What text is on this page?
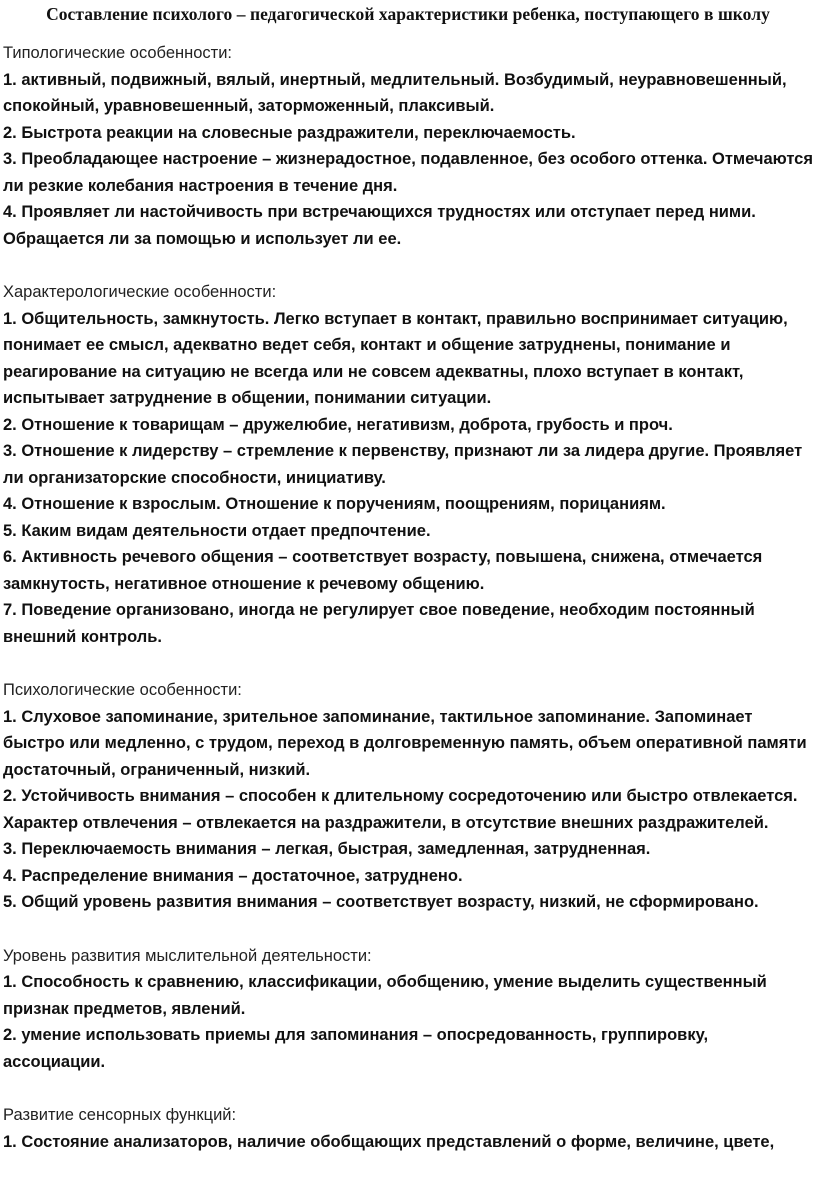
Составление психолого – педагогической характеристики ребенка, поступающего в школу

Типологические особенности:

1. активный, подвижный, вялый, инертный, медлительный. Возбудимый, неуравновешенный, спокойный, уравновешенный, заторможенный, плаксивый.

2. Быстрота реакции на словесные раздражители, переключаемость.

3. Преобладающее настроение – жизнерадостное, подавленное, без особого оттенка. Отмечаются ли резкие колебания настроения в течение дня.

4. Проявляет ли настойчивость при встречающихся трудностях или отступает перед ними. Обращается ли за помощью и использует ли ее.

Характерологические особенности:

1. Общительность, замкнутость. Легко вступает в контакт, правильно воспринимает ситуацию, понимает ее смысл, адекватно ведет себя, контакт и общение затруднены, понимание и реагирование на ситуацию не всегда или не совсем адекватны, плохо вступает в контакт, испытывает затруднение в общении, понимании ситуации.

2. Отношение к товарищам – дружелюбие, негативизм, доброта, грубость и проч.

3. Отношение к лидерству – стремление к первенству, признают ли за лидера другие. Проявляет ли организаторские способности, инициативу.

4. Отношение к взрослым. Отношение к поручениям, поощрениям, порицаниям.

5. Каким видам деятельности отдает предпочтение.

6. Активность речевого общения – соответствует возрасту, повышена, снижена, отмечается замкнутость, негативное отношение к речевому общению.

7. Поведение организовано, иногда не регулирует свое поведение, необходим постоянный внешний контроль.

Психологические особенности:

1. Слуховое запоминание, зрительное запоминание, тактильное запоминание. Запоминает быстро или медленно, с трудом, переход в долговременную память, объем оперативной памяти достаточный, ограниченный, низкий.

2. Устойчивость внимания – способен к длительному сосредоточению или быстро отвлекается. Характер отвлечения – отвлекается на раздражители, в отсутствие внешних раздражителей.

3. Переключаемость внимания – легкая, быстрая, замедленная, затрудненная.

4. Распределение внимания – достаточное, затруднено.

5. Общий уровень развития внимания – соответствует возрасту, низкий, не сформировано.

Уровень развития мыслительной деятельности:

1. Способность к сравнению, классификации, обобщению, умение выделить существенный признак предметов, явлений.

2. умение использовать приемы для запоминания – опосредованность, группировку, ассоциации.

Развитие сенсорных функций:

1. Состояние анализаторов, наличие обобщающих представлений о форме, величине, цвете,
